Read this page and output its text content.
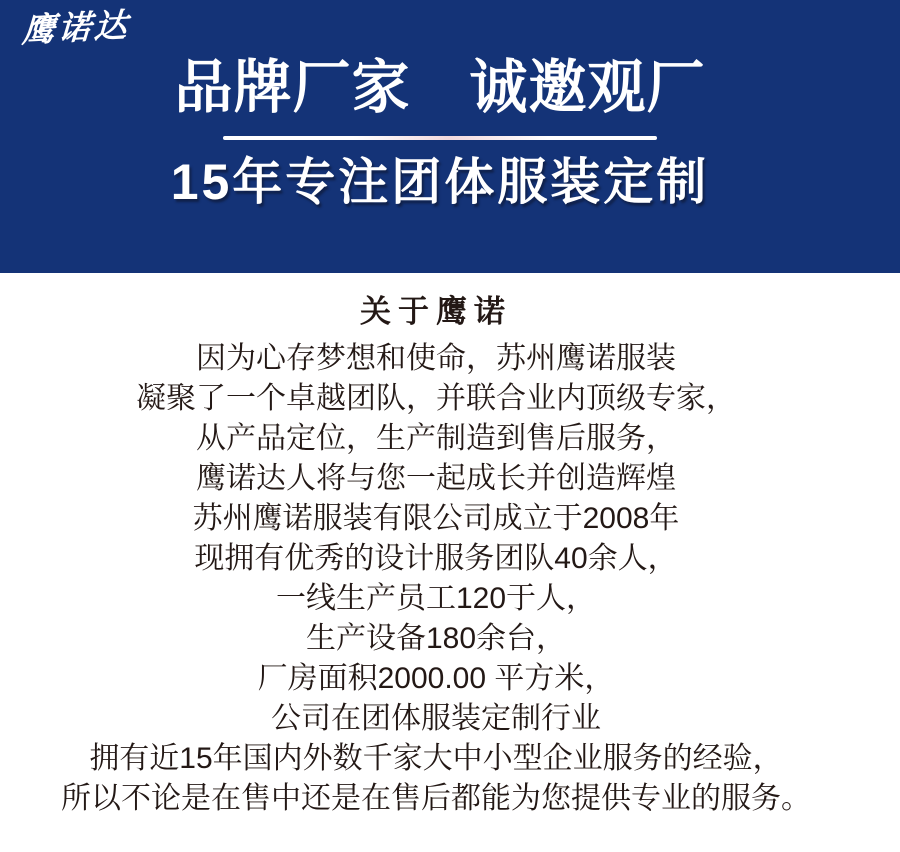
鹰诺达
品牌厂家　诚邀观厂
15年专注团体服装定制
关于鹰诺
因为心存梦想和使命，苏州鹰诺服装
凝聚了一个卓越团队，并联合业内顶级专家，
从产品定位，生产制造到售后服务，
鹰诺达人将与您一起成长并创造辉煌
苏州鹰诺服装有限公司成立于2008年
现拥有优秀的设计服务团队40余人，
一线生产员工120于人，
生产设备180余台，
厂房面积2000.00 平方米，
公司在团体服装定制行业
拥有近15年国内外数千家大中小型企业服务的经验，
所以不论是在售中还是在售后都能为您提供专业的服务。
